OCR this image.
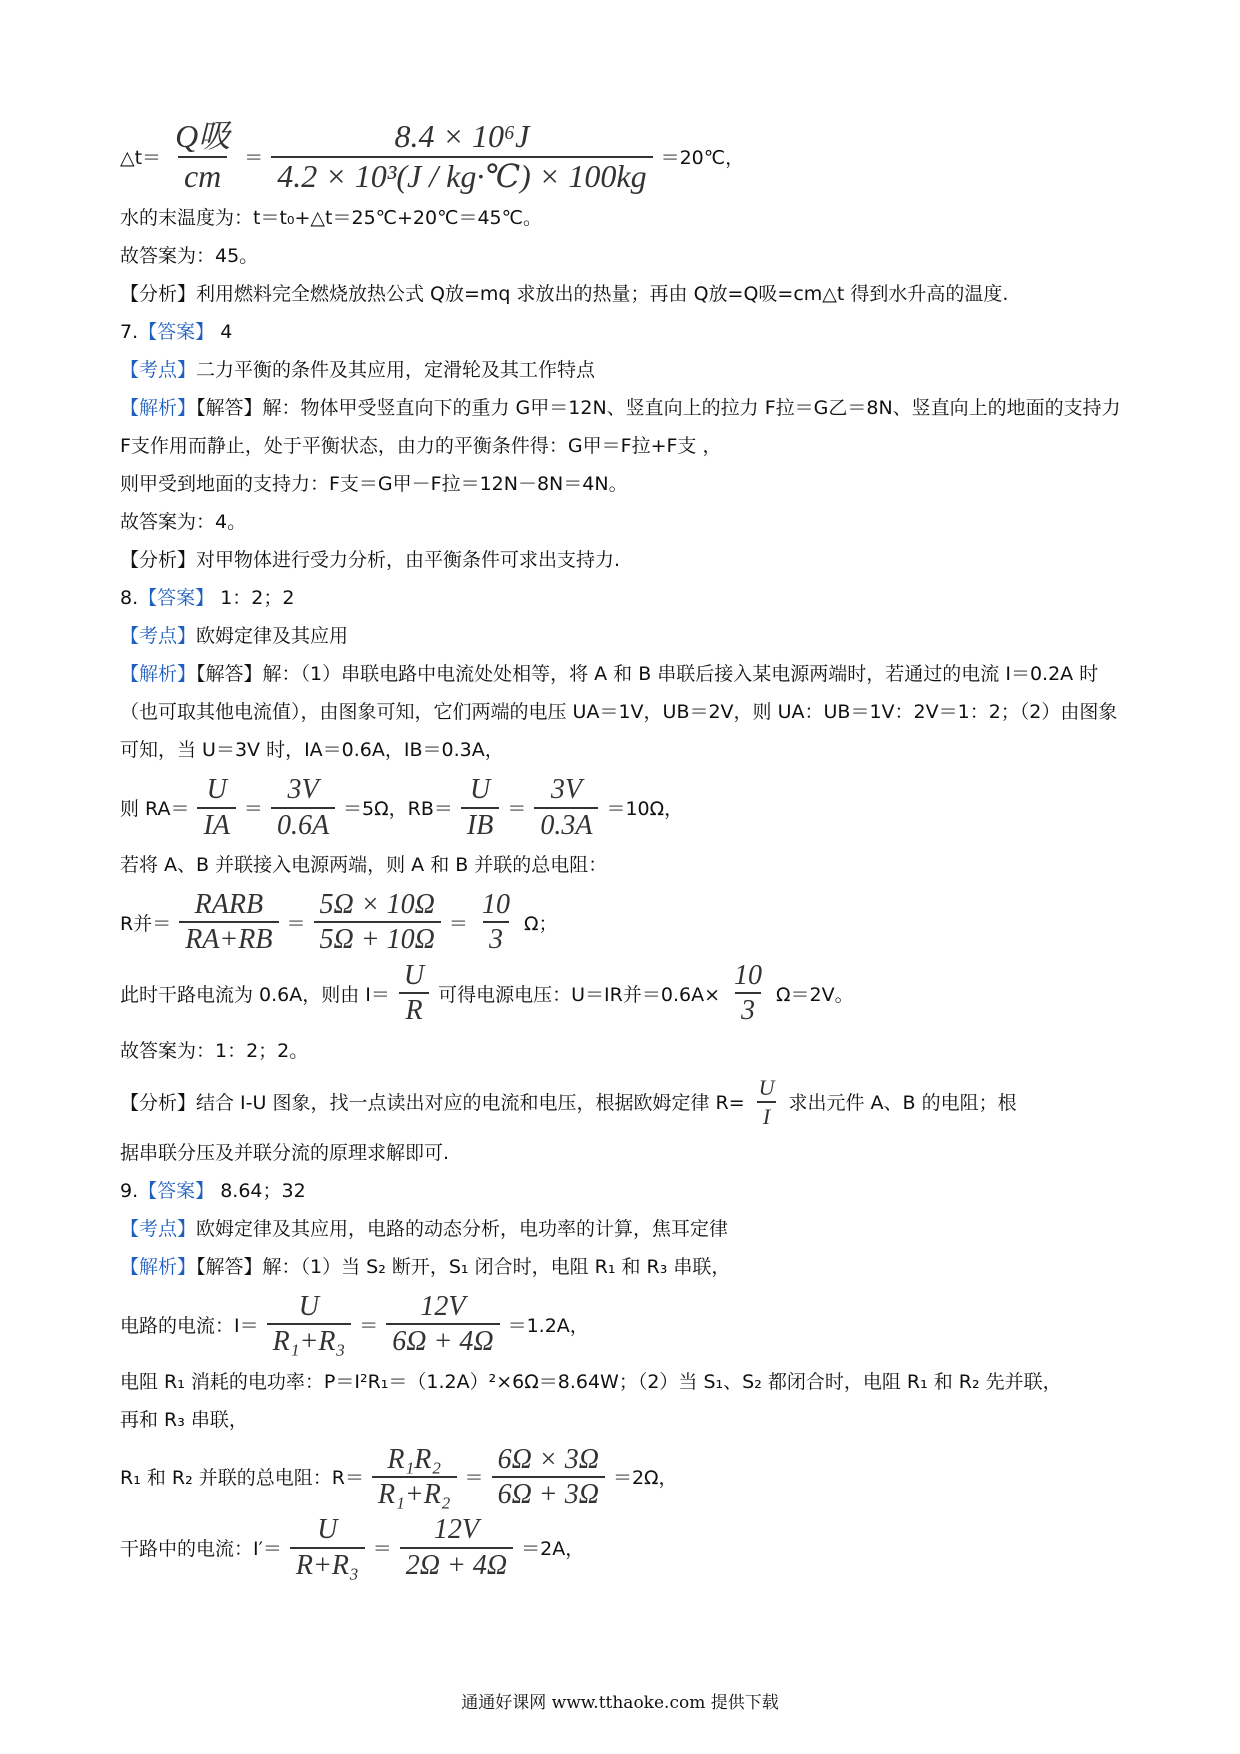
△t＝
Q吸
cm	＝ $\frac{\text{8.4 × 10⁶J}}{\text{4.2 × 10³(J / kg·℃) × 100kg}}$ ＝20℃，
水的末温度为：t＝t₀+△t＝25℃+20℃＝45℃。
故答案为：45。
【分析】利用燃料完全燃烧放热公式 Q放=mq 求放出的热量；再由 Q放=Q吸=cm△t 得到水升高的温度.
7.【答案】 4
【考点】二力平衡的条件及其应用，定滑轮及其工作特点
【解析】【解答】解：物体甲受竖直向下的重力 G甲＝12N、竖直向上的拉力 F拉＝G乙＝8N、竖直向上的地面的支持力 F支作用而静止，处于平衡状态，由力的平衡条件得：G甲＝F拉+F支 ，
则甲受到地面的支持力：F支＝G甲－F拉＝12N－8N＝4N。
故答案为：4。
【分析】对甲物体进行受力分析，由平衡条件可求出支持力.
8.【答案】 1：2；2
【考点】欧姆定律及其应用
【解析】【解答】解：（1）串联电路中电流处处相等，将 A 和 B 串联后接入某电源两端时，若通过的电流 I＝0.2A 时（也可取其他电流值），由图象可知，它们两端的电压 UA＝1V，UB＝2V，则 UA：UB＝1V：2V＝1：2；（2）由图象可知，当 U＝3V 时，IA＝0.6A，IB＝0.3A，
则 $RA= \frac{U}{IA} = \frac{3V}{0.6A} =5\Omega$，$RB= \frac{U}{IB} = \frac{3V}{0.3A} =10\Omega$，
若将 A、B 并联接入电源两端，则 A 和 B 并联的总电阻：
R并＝
RARB
RA+RB
＝ $\frac{5\Omega \times 10\Omega}{5\Omega + 10\Omega} = \frac{10}{3}$ Ω；
此时干路电流为 0.6A，则由 $I= \frac{U}{R}$ 可得电源电压：U＝IR并$=0.6A\times \frac{10}{3} \Omega=2V$。
故答案为：1：2；2。
【分析】结合 I-U 图象，找一点读出对应的电流和电压，根据欧姆定律 $R= \frac{U}{I}$ 求出元件 A、B 的电阻；根
据串联分压及并联分流的原理求解即可.
9.【答案】 8.64；32
【考点】欧姆定律及其应用，电路的动态分析，电功率的计算，焦耳定律
【解析】【解答】解：（1）当 S₂ 断开，S₁ 闭合时，电阻 R₁ 和 R₃ 串联，
电路的电流：$I= \frac{U}{\text{R₁+R₃}} = \frac{12V}{6\Omega + 4\Omega} =1.2A$，
电阻 R₁ 消耗的电功率：P＝I²R₁＝（1.2A）²×6Ω＝8.64W；（2）当 S₁、S₂ 都闭合时，电阻 R₁ 和 R₂ 先并联，
再和 R₃ 串联，
R₁ 和 R₂ 并联的总电阻：$R= \frac{\text{R₁R₂}}{\text{R₁+R₂}} = \frac{6\Omega \times 3\Omega}{6\Omega + 3\Omega} =2\Omega$，
干路中的电流：$I'= \frac{U}{\text{R+R₃}} = \frac{12V}{2\Omega + 4\Omega} =2A$，
通通好课网 www.tthaoke.com 提供下载
